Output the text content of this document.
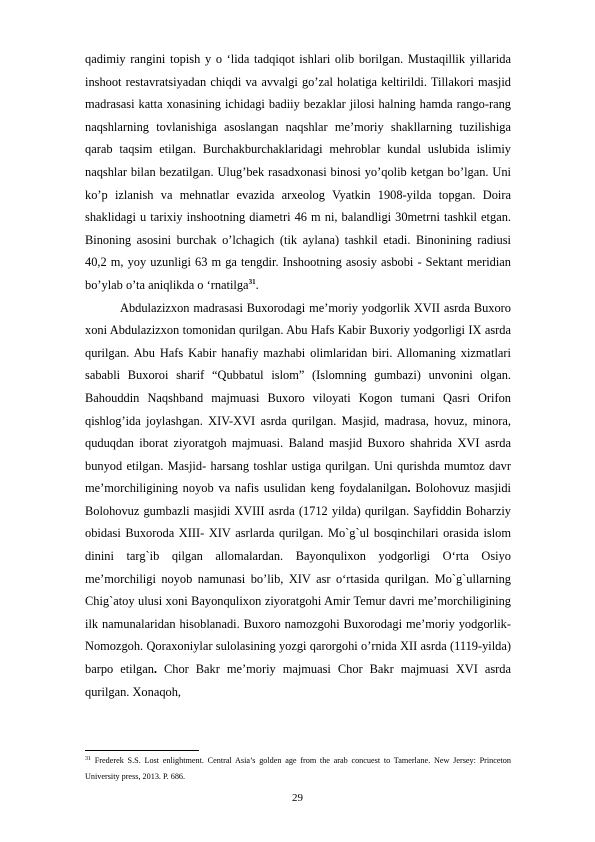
qadimiy rangini topish y o ‘lida tadqiqot ishlari olib borilgan. Mustaqillik yillarida inshoot restavratsiyadan chiqdi va avvalgi go’zal holatiga keltirildi. Tillakori masjid madrasasi katta xonasining ichidagi badiiy bezaklar jilosi halning hamda rango-rang naqshlarning tovlanishiga asoslangan naqshlar me’moriy shakllarning tuzilishiga qarab taqsim etilgan. Burchakburchaklaridagi mehroblar kundal uslubida islimiy naqshlar bilan bezatilgan. Ulug’bek rasadxonasi binosi yo’qolib ketgan bo’lgan. Uni ko’p izlanish va mehnatlar evazida arxeolog Vyatkin 1908-yilda topgan. Doira shaklidagi u tarixiy inshootning diametri 46 m ni, balandligi 30metrni tashkil etgan. Binoning asosini burchak o’lchagich (tik aylana) tashkil etadi. Binonining radiusi 40,2 m, yoy uzunligi 63 m ga tengdir. Inshootning asosiy asbobi - Sektant meridian bo’ylab o’ta aniqlikda o ‘rnatilga$^{31}$.

Abdulazizxon madrasasi Buxorodagi me’moriy yodgorlik XVII asrda Buxoro xoni Abdulazizxon tomonidan qurilgan. Abu Hafs Kabir Buxoriy yodgorligi IX asrda qurilgan. Abu Hafs Kabir hanafiy mazhabi olimlaridan biri. Allomaning xizmatlari sababli Buxoroi sharif “Qubbatul islom” (Islomning gumbazi) unvonini olgan. Bahouddin Naqshband majmuasi Buxoro viloyati Kogon tumani Qasri Orifon qishlog’ida joylashgan. XIV-XVI asrda qurilgan. Masjid, madrasa, hovuz, minora, quduqdan iborat ziyoratgoh majmuasi. Baland masjid Buxoro shahrida XVI asrda bunyod etilgan. Masjid- harsang toshlar ustiga qurilgan. Uni qurishda mumtoz davr me’morchiligining noyob va nafis usulidan keng foydalanilgan. Bolohovuz masjidi Bolohovuz gumbazli masjidi XVIII asrda (1712 yilda) qurilgan. Sayfiddin Boharziy obidasi Buxoroda XIII- XIV asrlarda qurilgan. Mo`g`ul bosqinchilari orasida islom dinini targ`ib qilgan allomalardan. Bayonqulixon yodgorligi O‘rta Osiyo me’morchiligi noyob namunasi bo’lib, XIV asr o‘rtasida qurilgan. Mo`g`ullarning Chig`atoy ulusi xoni Bayonqulixon ziyoratgohi Amir Temur davri me’morchiligining ilk namunalaridan hisoblanadi. Buxoro namozgohi Buxorodagi me’moriy yodgorlik-Nomozgoh. Qoraxoniylar sulolasining yozgi qarorgohi o’rnida XII asrda (1119-yilda) barpo etilgan. Chor Bakr me’moriy majmuasi Chor Bakr majmuasi XVI asrda qurilgan. Xonaqoh,

$^{31}$ Frederek S.S. Lost enlightment. Central Asia’s golden age from the arab concuest to Tamerlane. New Jersey: Princeton University press, 2013. P. 686.
29
